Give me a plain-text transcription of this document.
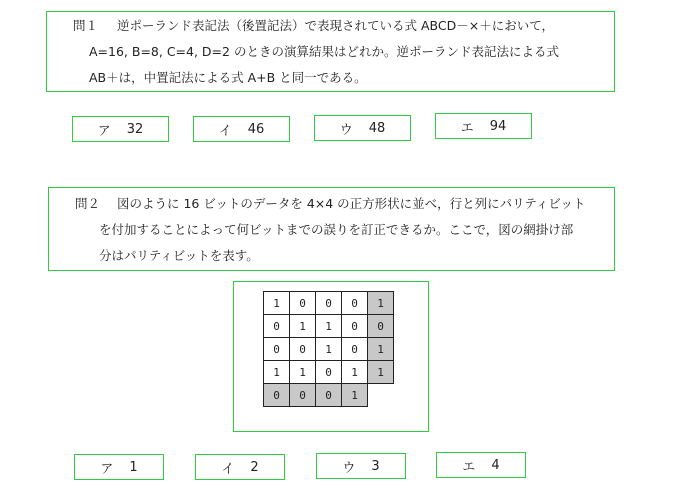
問１ 逆ポーランド表記法（後置記法）で表現されている式 ABCD－×＋において，
A=16, B=8, C=4, D=2 のときの演算結果はどれか。逆ポーランド表記法による式
AB＋は，中置記法による式 A+B と同一である。
ア 32	イ 46	ウ 48	エ 94
問２ 図のように 16 ビットのデータを 4×4 の正方形状に並べ，行と列にパリティビット
を付加することによって何ビットまでの誤りを訂正できるか。ここで，図の網掛け部
分はパリティビットを表す。
1	0	0	0	1
0	1	1	0	0
0	0	1	0	1
1	1	0	1	1
0	0	0	1
ア 1	イ 2	ウ 3	エ 4
